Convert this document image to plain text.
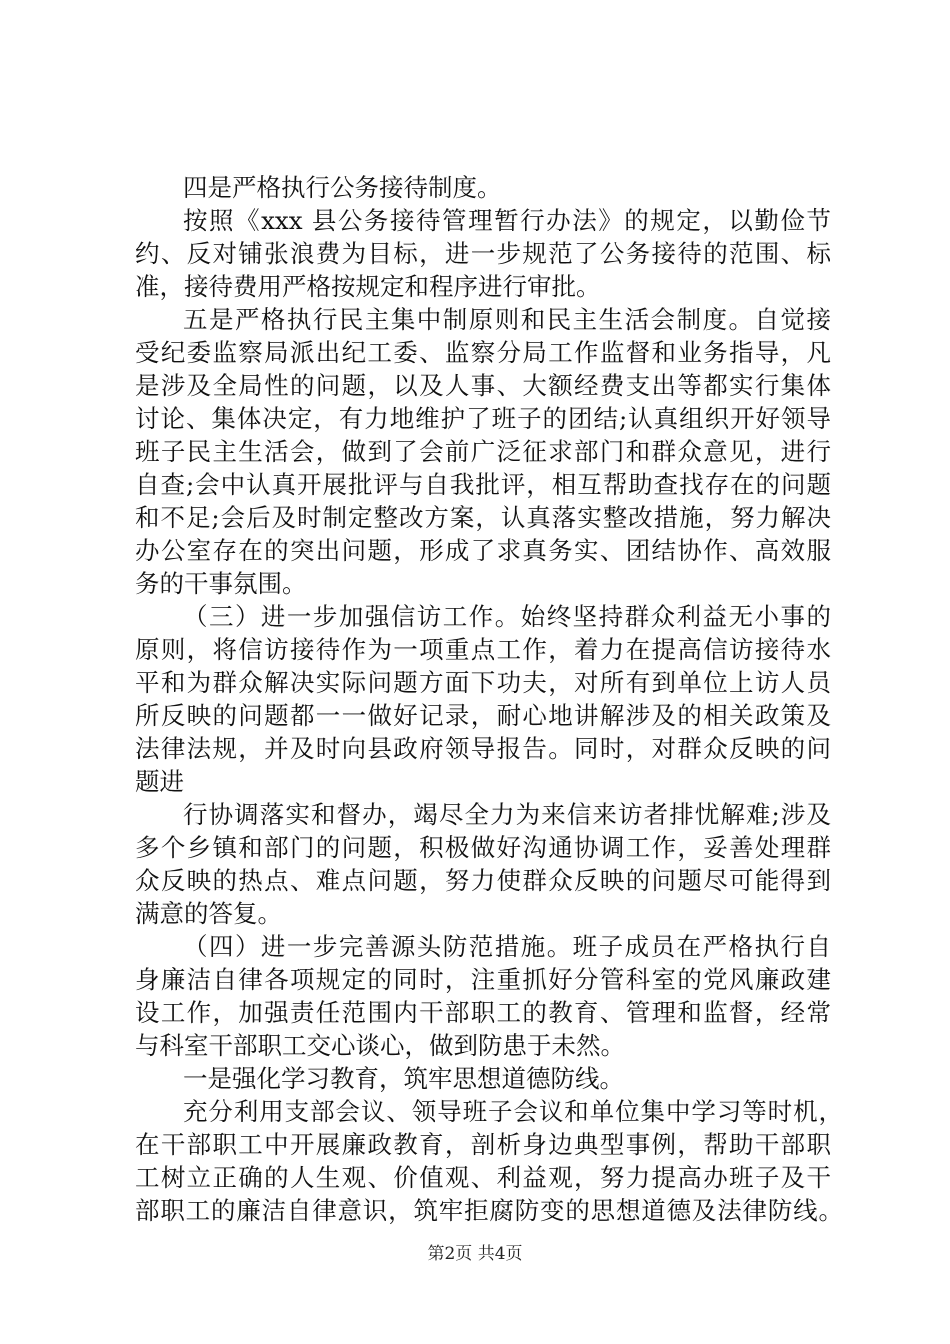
四是严格执行公务接待制度。
按照《xxx 县公务接待管理暂行办法》的规定，以勤俭节
约、反对铺张浪费为目标，进一步规范了公务接待的范围、标
准，接待费用严格按规定和程序进行审批。
五是严格执行民主集中制原则和民主生活会制度。自觉接
受纪委监察局派出纪工委、监察分局工作监督和业务指导，凡
是涉及全局性的问题，以及人事、大额经费支出等都实行集体
讨论、集体决定，有力地维护了班子的团结;认真组织开好领导
班子民主生活会，做到了会前广泛征求部门和群众意见，进行
自查;会中认真开展批评与自我批评，相互帮助查找存在的问题
和不足;会后及时制定整改方案，认真落实整改措施，努力解决
办公室存在的突出问题，形成了求真务实、团结协作、高效服
务的干事氛围。
（三）进一步加强信访工作。始终坚持群众利益无小事的
原则，将信访接待作为一项重点工作，着力在提高信访接待水
平和为群众解决实际问题方面下功夫，对所有到单位上访人员
所反映的问题都一一做好记录，耐心地讲解涉及的相关政策及
法律法规，并及时向县政府领导报告。同时，对群众反映的问
题进
行协调落实和督办，竭尽全力为来信来访者排忧解难;涉及
多个乡镇和部门的问题，积极做好沟通协调工作，妥善处理群
众反映的热点、难点问题，努力使群众反映的问题尽可能得到
满意的答复。
（四）进一步完善源头防范措施。班子成员在严格执行自
身廉洁自律各项规定的同时，注重抓好分管科室的党风廉政建
设工作，加强责任范围内干部职工的教育、管理和监督，经常
与科室干部职工交心谈心，做到防患于未然。
一是强化学习教育，筑牢思想道德防线。
充分利用支部会议、领导班子会议和单位集中学习等时机，
在干部职工中开展廉政教育，剖析身边典型事例，帮助干部职
工树立正确的人生观、价值观、利益观，努力提高办班子及干
部职工的廉洁自律意识，筑牢拒腐防变的思想道德及法律防线。
第2页 共4页
